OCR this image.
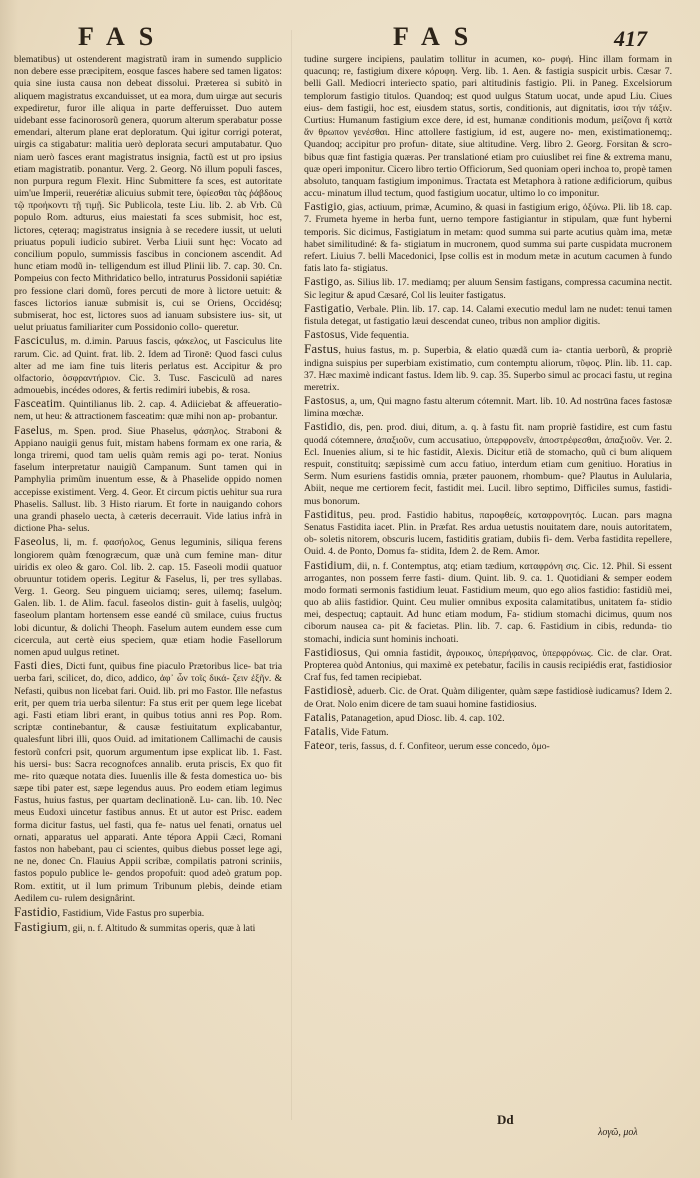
FAS	FAS	417

blematibus) ut ostenderent magistratũ iram in sumendo supplicio non debere esse præcipitem, eosque fasces habere sed tamen ligatos: quia sine iusta causa non debeat dissolui. Præterea si subitò in aliquem magistratus excanduisset, ut ea mora, dum uirgæ aut securis expediretur, furor ille aliqua in parte defferuisset. Duo autem uidebant esse facinorosorũ genera, quorum alterum sperabatur posse emendari, alterum plane erat deploratum. Qui igitur corrigi poterat, uirgis ca stigabatur: malitia uerò deplorata securi amputabatur. Quo niam uerò fasces erant magistratus insignia, factũ est ut pro ipsius etiam magistratib. ponantur. Verg. 2. Georg. Nō illum populi fasces, non purpura regum Flexit. Hinc Submittere fa sces, est autoritate uim'ue Imperii, reuerétiæ alicuius submit tere, ὑφίεσθαι τὰς ῥάβδους τῷ προήκοντι τῇ τιμῇ. Sic Publicola, teste Liu. lib. 2. ab Vrb. Cũ populo Rom. adturus, eius maiestati fa sces submisit, hoc est, lictores, cęteraq; magistratus insignia à se recedere iussit, ut ueluti priuatus populi iudicio subiret. Verba Liuii sunt hęc: Vocato ad concilium populo, summissis fascibus in concionem ascendit. Ad hunc etiam modũ in- telligendum est illud Plinii lib. 7. cap. 30. Cn. Pompeius con fecto Mithridatico bello, intraturus Possidonii sapiétiæ pro fessione clari domũ, fores percuti de more à lictore uetuit: & fasces lictorios ianuæ submisit is, cui se Oriens, Occidésq; submiserat, hoc est, lictores suos ad ianuam subsistere ius- sit, ut uelut priuatus familiariter cum Possidonio collo- queretur.

Fasciculus, m. d.imin. Paruus fascis, φάκελος, ut Fasciculus lite rarum. Cic. ad Quint. frat. lib. 2. Idem ad Tironē: Quod fasci culus alter ad me iam fine tuis literis perlatus est. Accipitur & pro olfactorio, ὀσφραντήριον. Cic. 3. Tusc. Fasciculũ ad nares admouebis, incédes odores, & fertis redimiri iubebis, & rosa.

Fasceatim. Quintilianus lib. 2. cap. 4. Adiiciebat & affeueratio- nem, ut heu: & attractionem fasceatim: quæ mihi non ap- probantur.

Faselus, m. Spen. prod. Siue Phaselus, φάσηλος. Straboni & Appiano nauigii genus fuit, mistam habens formam ex one raria, & longa triremi, quod tam uelis quàm remis agi po- terat. Nonius faselum interpretatur nauigiũ Campanum. Sunt tamen qui in Pamphylia primũm inuentum esse, & à Phaselide oppido nomen accepisse existiment. Verg. 4. Geor. Et circum pictis uehitur sua rura Phaselis. Sallust. lib. 3 Histo riarum. Et forte in nauigando cohors una grandi phaselo uecta, à cæteris decerrauit. Vide latius infrà in dictione Pha- selus.

Faseolus, li, m. f. φασήολος, Genus leguminis, siliqua ferens longiorem quàm fœnogræcum, quæ unà cum femine man- ditur uiridis ex oleo & garo. Col. lib. 2. cap. 15. Faseoli modii quatuor obruuntur totidem operis. Legitur & Faselus, li, per tres syllabas. Verg. 1. Georg. Seu pinguem uiciamq; seres, uilemq; faselum. Galen. lib. 1. de Alim. facul. faseolos distin- guit à faselis, uulgòq; faseolum plantam hortensem esse eandé cũ smilace, cuius fructus lobi dicuntur, & dolichi Theoph. Faselum autem eundem esse cum cicercula, aut certè eius speciem, quæ etiam hodie Fasellorum nomen apud uulgus retinet.

Fasti dies, Dicti funt, quibus fine piaculo Prætoribus lice- bat tria uerba fari, scilicet, do, dico, addico, ἀφ᾽ ὧν τοῖς δικά- ζειν ἐξῆν. & Nefasti, quibus non licebat fari. Ouid. lib. pri mo Fastor. Ille nefastus erit, per quem tria uerba silentur: Fa stus erit per quem lege licebat agi. Fasti etiam libri erant, in quibus totius anni res Pop. Rom. scriptæ continebantur, & causæ festiuitatum explicabantur, qualesfunt libri illi, quos Ouid. ad imitationem Callimachi de causis festorũ confcri psit, quorum argumentum ipse explicat lib. 1. Fast. his uersi- bus: Sacra recognofces annalib. eruta priscis, Ex quo fit me- rito quæque notata dies. Iuuenlis ille & festa domestica uo- bis sæpe tibi pater est, sæpe legendus auus. Pro eodem etiam legimus Fastus, huius fastus, per quartam declinationẽ. Lu- can. lib. 10. Nec meus Eudoxi uincetur fastibus annus. Et ut autor est Prisc. eadem forma dicitur fastus, uel fasti, qua fe- natus uel fenati, ornatus uel ornati, apparatus uel apparati. Ante tépora Appii Cæci, Romani fastos non habebant, pau ci scientes, quibus diebus posset lege agi, ne ne, donec Cn. Flauius Appii scribæ, compilatis patroni scriniis, fastos populo publice le- gendos propofuit: quod adeò gratum pop. Rom. extitit, ut il lum primum Tribunum plebis, deinde etiam Aedilem cu- rulem designârint.

Fastidio, Fastidium, Vide Fastus pro superbia.

Fastigium, gii, n. f. Altitudo & summitas operis, quæ à lati

tudine surgere incipiens, paulatim tollitur in acumen, κο- ρυφή. Hinc illam formam in quacunq; re, fastigium dixere κόρυφη. Verg. lib. 1. Aen. & fastigia suspicit urbis. Cæsar 7. belli Gall. Mediocri interiecto spatio, pari altitudinis fastigio. Pli. in Paneg. Excelsiorum templorum fastigio titulos. Quandoq; est quod uulgus Statum uocat, unde apud Liu. Ciues eius- dem fastigii, hoc est, eiusdem status, sortis, conditionis, aut dignitatis, ἰσοι τήν τάξιν. Curtius: Humanum fastigium exce dere, id est, humanæ conditionis modum, μείζονα ἢ κατὰ ἄν θρωπον γενέσθαι. Hinc attollere fastigium, id est, augere no- men, existimationemq;. Quandoq; accipitur pro profun- ditate, siue altitudine. Verg. libro 2. Georg. Forsitan & scro- bibus quæ fint fastigia quæras. Per translationé etiam pro cuiuslibet rei fine & extrema manu, quæ operi imponitur. Cicero libro tertio Officiorum, Sed quoniam operi inchoa to, propè tamen absoluto, tanquam fastigium imponimus. Tractata est Metaphora à ratione ædificiorum, quibus accu- minatum illud tectum, quod fastigium uocatur, ultimo lo co imponitur.

Fastigio, gias, actiuum, primæ, Acumino, & quasi in fastigium erigo, ὀξύνω. Pli. lib 18. cap. 7. Frumeta hyeme in herba funt, uerno tempore fastigiantur in stipulam, quæ funt hyberni temporis. Sic dicimus, Fastigiatum in metam: quod summa sui parte acutius quàm ima, metæ habet similitudiné: & fa- stigiatum in mucronem, quod summa sui parte cuspidata mucronem refert. Liuius 7. belli Macedonici, Ipse collis est in modum metæ in acutum cacumen à fundo fatis lato fa- stigiatus.

Fastigo, as. Silius lib. 17. mediamq; per aluum Sensim fastigans, compressa cacumina nectit. Sic legitur & apud Cæsaré, Col lis leuiter fastigatus.

Fastigatio, Verbale. Plin. lib. 17. cap. 14. Calami executio medul lam ne nudet: tenui tamen fistula detegat, ut fastigatio læui descendat cuneo, tribus non amplior digitis.

Fastosus, Vide fequentia.

Fastus, huius fastus, m. p. Superbia, & elatio quædã cum ia- ctantia uerborũ, & propriè indigna suispius per superbiam existimatio, cum contemptu aliorum, τῦφος. Plin. lib. 11. cap. 37. Hæc maximè indicant fastus. Idem lib. 9. cap. 35. Superbo simul ac procaci fastu, ut regina meretrix.

Fastosus, a, um, Qui magno fastu alterum cótemnit. Mart. lib. 10. Ad nostrūna faces fastosæ limina mœchæ.

Fastidio, dis, pen. prod. diui, ditum, a. q. à fastu fit. nam propriè fastidire, est cum fastu quodá cótemnere, ἀπαξιοῦν, cum accusatiuo, ὑπερφρονεῖν, ἀποστρέφεσθαι, ἀπαξιοῦν. Ver. 2. Ecl. Inuenies alium, si te hic fastidit, Alexis. Dicitur etiã de stomacho, quũ ci bum aliquem respuit, constituitq; sæpissimè cum accu fatiuo, interdum etiam cum genitiuo. Horatius in Serm. Num esuriens fastidis omnia, præter pauonem, rhombum- que? Plautus in Aulularia, Abiit, neque me certiorem fecit, fastidit mei. Lucil. libro septimo, Difficiles sumus, fastidi- mus bonorum.

Fastiditus, peu. prod. Fastidio habitus, παροφθείς, καταφρονητός. Lucan. pars magna Senatus Fastidita iacet. Plin. in Præfat. Res ardua uetustis nouitatem dare, nouis autoritatem, ob- soletis nitorem, obscuris lucem, fastiditis gratiam, dubiis fi- dem. Verba fastidita repellere, Ouid. 4. de Ponto, Domus fa- stidita, Idem 2. de Rem. Amor.

Fastidium, dii, n. f. Contemptus, atq; etiam tædium, καταφρόνη σις. Cic. 12. Phil. Si essent arrogantes, non possem ferre fasti- dium. Quint. lib. 9. ca. 1. Quotidiani & semper eodem modo formati sermonis fastidium leuat. Fastidium meum, quo ego alios fastidio: fastidiũ mei, quo ab aliis fastidior. Quint. Ceu mulier omnibus exposita calamitatibus, unitatem fa- stidio mei, despectuq; captauit. Ad hunc etiam modum, Fa- stidium stomachi dicimus, quum nos ciborum nausea ca- pit & facietas. Plin. lib. 7. cap. 6. Fastidium in cibis, redunda- tio stomachi, indicia sunt hominis inchoati.

Fastidiosus, Qui omnia fastidit, ἀγροικος, ὑπερήφανος, ὑπερφρόνως. Cic. de clar. Orat. Propterea quòd Antonius, qui maximè ex petebatur, facilis in causis recipiédis erat, fastidiosior Craf fus, fed tamen recipiebat.

Fastidiosè, aduerb. Cic. de Orat. Quàm diligenter, quàm sæpe fastidiosè iudicamus? Idem 2. de Orat. Nolo enim dicere de tam suaui homine fastidiosius.

Fatalis, Patanagetion, apud Diosc. lib. 4. cap. 102.

Fatalis, Vide Fatum.

Fateor, teris, fassus, d. f. Confiteor, uerum esse concedo, ὁμο-

Dd
λογῶ, μολ
